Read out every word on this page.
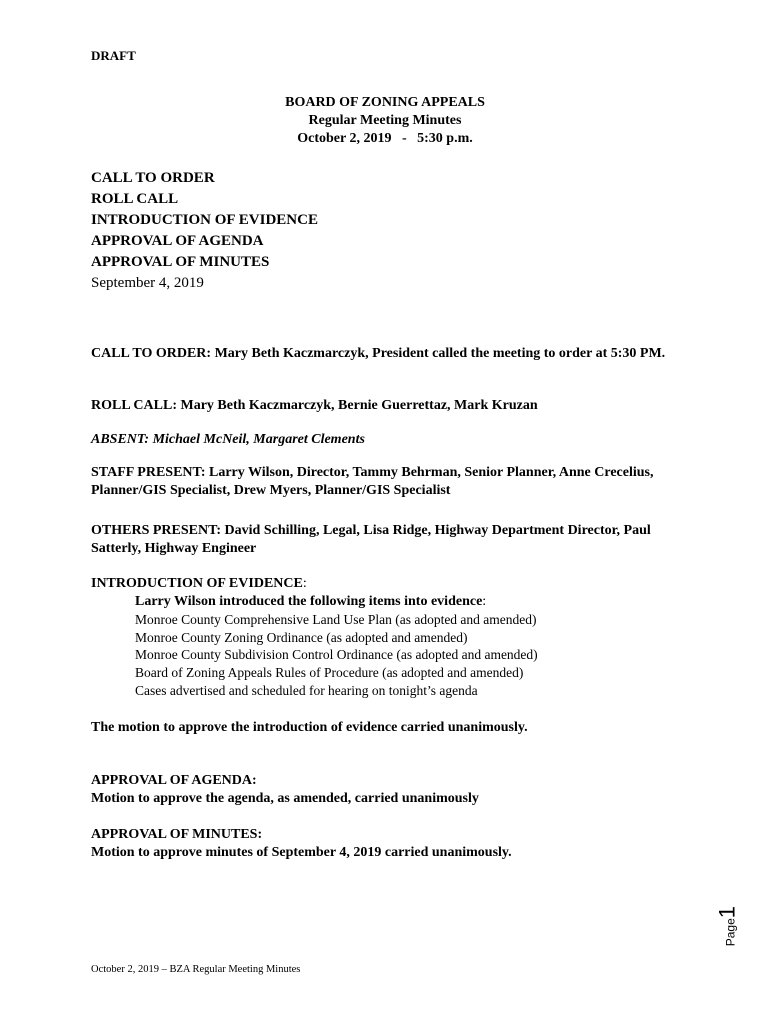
DRAFT
BOARD OF ZONING APPEALS
Regular Meeting Minutes
October 2, 2019   -   5:30 p.m.
CALL TO ORDER
ROLL CALL
INTRODUCTION OF EVIDENCE
APPROVAL OF AGENDA
APPROVAL OF MINUTES
September 4, 2019
CALL TO ORDER: Mary Beth Kaczmarczyk, President called the meeting to order at 5:30 PM.
ROLL CALL: Mary Beth Kaczmarczyk, Bernie Guerrettaz, Mark Kruzan
ABSENT: Michael McNeil, Margaret Clements
STAFF PRESENT: Larry Wilson, Director, Tammy Behrman, Senior Planner, Anne Crecelius, Planner/GIS Specialist, Drew Myers, Planner/GIS Specialist
OTHERS PRESENT: David Schilling, Legal, Lisa Ridge, Highway Department Director, Paul Satterly, Highway Engineer
INTRODUCTION OF EVIDENCE:
Larry Wilson introduced the following items into evidence:
Monroe County Comprehensive Land Use Plan (as adopted and amended)
Monroe County Zoning Ordinance (as adopted and amended)
Monroe County Subdivision Control Ordinance (as adopted and amended)
Board of Zoning Appeals Rules of Procedure (as adopted and amended)
Cases advertised and scheduled for hearing on tonight’s agenda
The motion to approve the introduction of evidence carried unanimously.
APPROVAL OF AGENDA:
Motion to approve the agenda, as amended, carried unanimously
APPROVAL OF MINUTES:
Motion to approve minutes of September 4, 2019 carried unanimously.
Page1
October 2, 2019 – BZA Regular Meeting Minutes
